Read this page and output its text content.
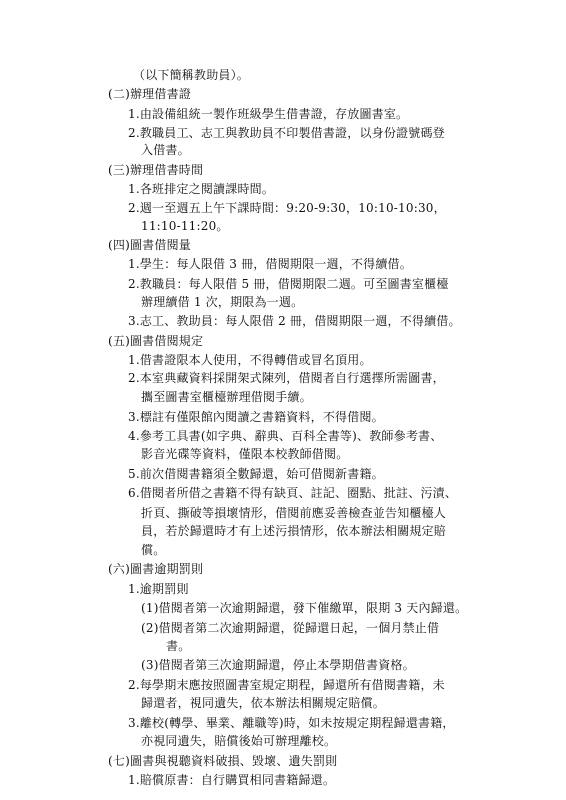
（以下簡稱教助員）。
(二)辦理借書證
1.由設備組統一製作班級學生借書證，存放圖書室。
2.教職員工、志工與教助員不印製借書證，以身份證號碼登
入借書。
(三)辦理借書時間
1.各班排定之閱讀課時間。
2.週一至週五上午下課時間：9:20-9:30，10:10-10:30，
11:10-11:20。
(四)圖書借閱量
1.學生：每人限借 3 冊，借閱期限一週，不得續借。
2.教職員：每人限借 5 冊，借閱期限二週。可至圖書室櫃檯
辦理續借 1 次，期限為一週。
3.志工、教助員：每人限借 2 冊，借閱期限一週，不得續借。
(五)圖書借閱規定
1.借書證限本人使用，不得轉借或冒名頂用。
2.本室典藏資料採開架式陳列，借閱者自行選擇所需圖書，
攜至圖書室櫃檯辦理借閱手續。
3.標註有僅限館內閱讀之書籍資料，不得借閱。
4.參考工具書(如字典、辭典、百科全書等)、教師參考書、
影音光碟等資料，僅限本校教師借閱。
5.前次借閱書籍須全數歸還，始可借閱新書籍。
6.借閱者所借之書籍不得有缺頁、註記、圈點、批註、污漬、
折頁、撕破等損壞情形，借閱前應妥善檢查並告知櫃檯人
員，若於歸還時才有上述污損情形，依本辦法相關規定賠
償。
(六)圖書逾期罰則
1.逾期罰則
(1)借閱者第一次逾期歸還，發下催繳單，限期 3 天內歸還。
(2)借閱者第二次逾期歸還，從歸還日起，一個月禁止借
書。
(3)借閱者第三次逾期歸還，停止本學期借書資格。
2.每學期末應按照圖書室規定期程，歸還所有借閱書籍，未
歸還者，視同遺失，依本辦法相關規定賠償。
3.離校(轉學、畢業、離職等)時，如未按規定期程歸還書籍，
亦視同遺失，賠償後始可辦理離校。
(七)圖書與視聽資料破損、毀壞、遺失罰則
1.賠償原書：自行購買相同書籍歸還。
